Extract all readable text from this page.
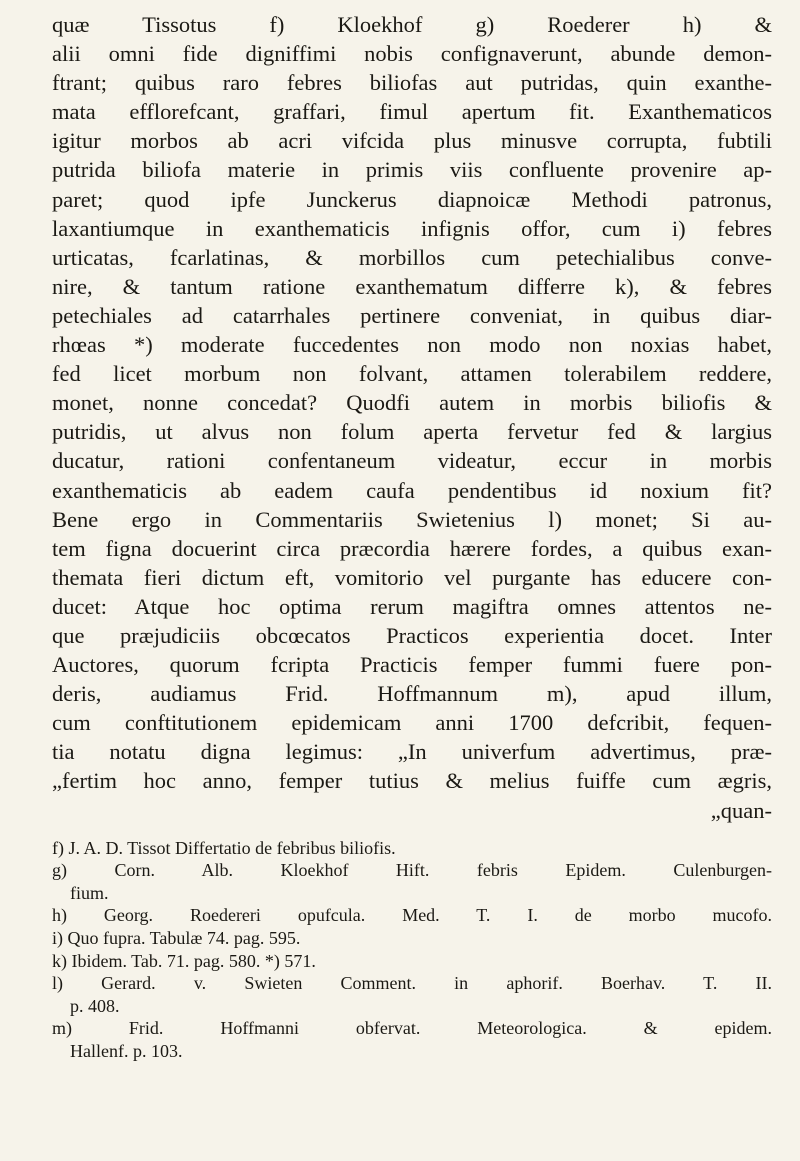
quæ Tissotus f) Kloekhof g) Roederer h) &
alii omni fide digniffimi nobis confignaverunt, abunde demon-
ftrant; quibus raro febres biliofas aut putridas, quin exanthe-
mata efflorefcant, graffari, fimul apertum fit. Exanthematicos
igitur morbos ab acri vifcida plus minusve corrupta, fubtili
putrida biliofa materie in primis viis confluente provenire ap-
paret; quod ipfe Junckerus diapnoicæ Methodi patronus,
laxantiumque in exanthematicis infignis offor, cum i) febres
urticatas, fcarlatinas, & morbillos cum petechialibus conve-
nire, & tantum ratione exanthematum differre k), & febres
petechiales ad catarrhales pertinere conveniat, in quibus diar-
rhœas *) moderate fuccedentes non modo non noxias habet,
fed licet morbum non folvant, attamen tolerabilem reddere,
monet, nonne concedat? Quodfi autem in morbis biliofis &
putridis, ut alvus non folum aperta fervetur fed & largius
ducatur, rationi confentaneum videatur, eccur in morbis
exanthematicis ab eadem caufa pendentibus id noxium fit?
Bene ergo in Commentariis Swietenius l) monet; Si au-
tem figna docuerint circa præcordia hærere fordes, a quibus exan-
themata fieri dictum eft, vomitorio vel purgante has educere con-
ducet: Atque hoc optima rerum magiftra omnes attentos ne-
que præjudiciis obcœcatos Practicos experientia docet. Inter
Auctores, quorum fcripta Practicis femper fummi fuere pon-
deris, audiamus Frid. Hoffmannum m), apud illum,
cum conftitutionem epidemicam anni 1700 defcribit, fequen-
tia notatu digna legimus: „In univerfum advertimus, præ-
„fertim hoc anno, femper tutius & melius fuiffe cum ægris,
„quan-
f) J. A. D. Tissot Differtatio de febribus biliofis.
g) Corn. Alb. Kloekhof Hift. febris Epidem. Culenburgen-
fium.
h) Georg. Roedereri opufcula. Med. T. I. de morbo mucofo.
i) Quo fupra. Tabulæ 74. pag. 595.
k) Ibidem. Tab. 71. pag. 580. *) 571.
l) Gerard. v. Swieten Comment. in aphorif. Boerhav. T. II.
p. 408.
m) Frid. Hoffmanni obfervat. Meteorologica. & epidem.
Hallenf. p. 103.
